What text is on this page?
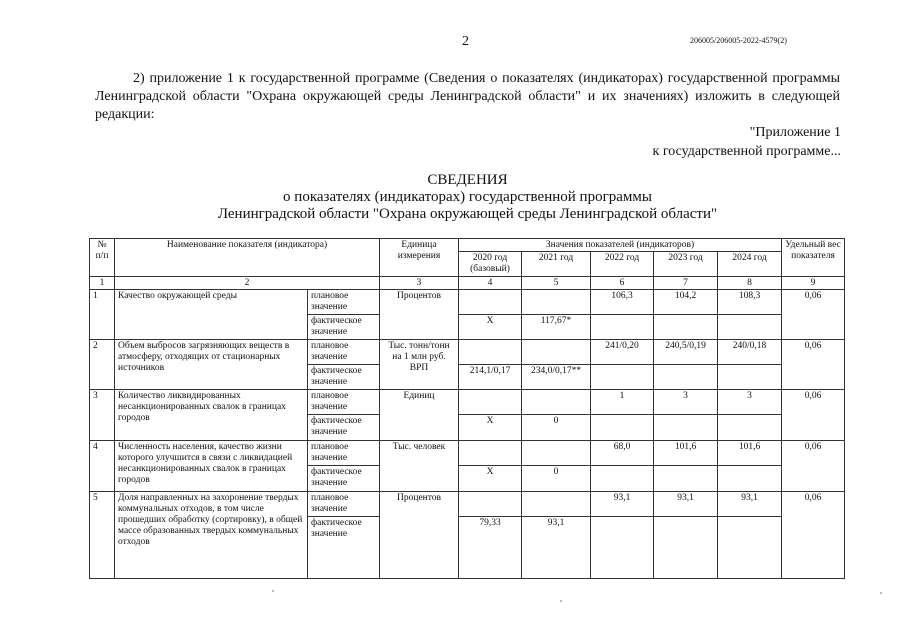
2	206005/206005-2022-4579(2)
2) приложение 1 к государственной программе (Сведения о показателях (индикаторах) государственной программы Ленинградской области "Охрана окружающей среды Ленинградской области" и их значениях) изложить в следующей редакции:
"Приложение 1
к государственной программе...
СВЕДЕНИЯ
о показателях (индикаторах) государственной программы
Ленинградской области "Охрана окружающей среды Ленинградской области"
№ п/п	Наименование показателя (индикатора)		Единица измерения	Значения показателей (индикаторов)					Удельный вес показателя
				2020 год (базовый)	2021 год	2022 год	2023 год	2024 год	
1	2		3	4	5	6	7	8	9
1	Качество окружающей среды	плановое значение	Процентов			106,3	104,2	108,3	0,06
		фактическое значение		Х	117,67*				
2	Объем выбросов загрязняющих веществ в атмосферу, отходящих от стационарных источников	плановое значение	Тыс. тонн/тонн на 1 млн руб. ВРП			241/0,20	240,5/0,19	240/0,18	0,06
		фактическое значение		214,1/0,17	234,0/0,17**				
3	Количество ликвидированных несанкционированных свалок в границах городов	плановое значение	Единиц			1	3	3	0,06
		фактическое значение		Х	0				
4	Численность населения, качество жизни которого улучшится в связи с ликвидацией несанкционированных свалок в границах городов	плановое значение	Тыс. человек			68,0	101,6	101,6	0,06
		фактическое значение		Х	0				
5	Доля направленных на захоронение твердых коммунальных отходов, в том числе прошедших обработку (сортировку), в общей массе образованных твердых коммунальных отходов	плановое значение	Процентов			93,1	93,1	93,1	0,06
		фактическое значение		79,33	93,1				
